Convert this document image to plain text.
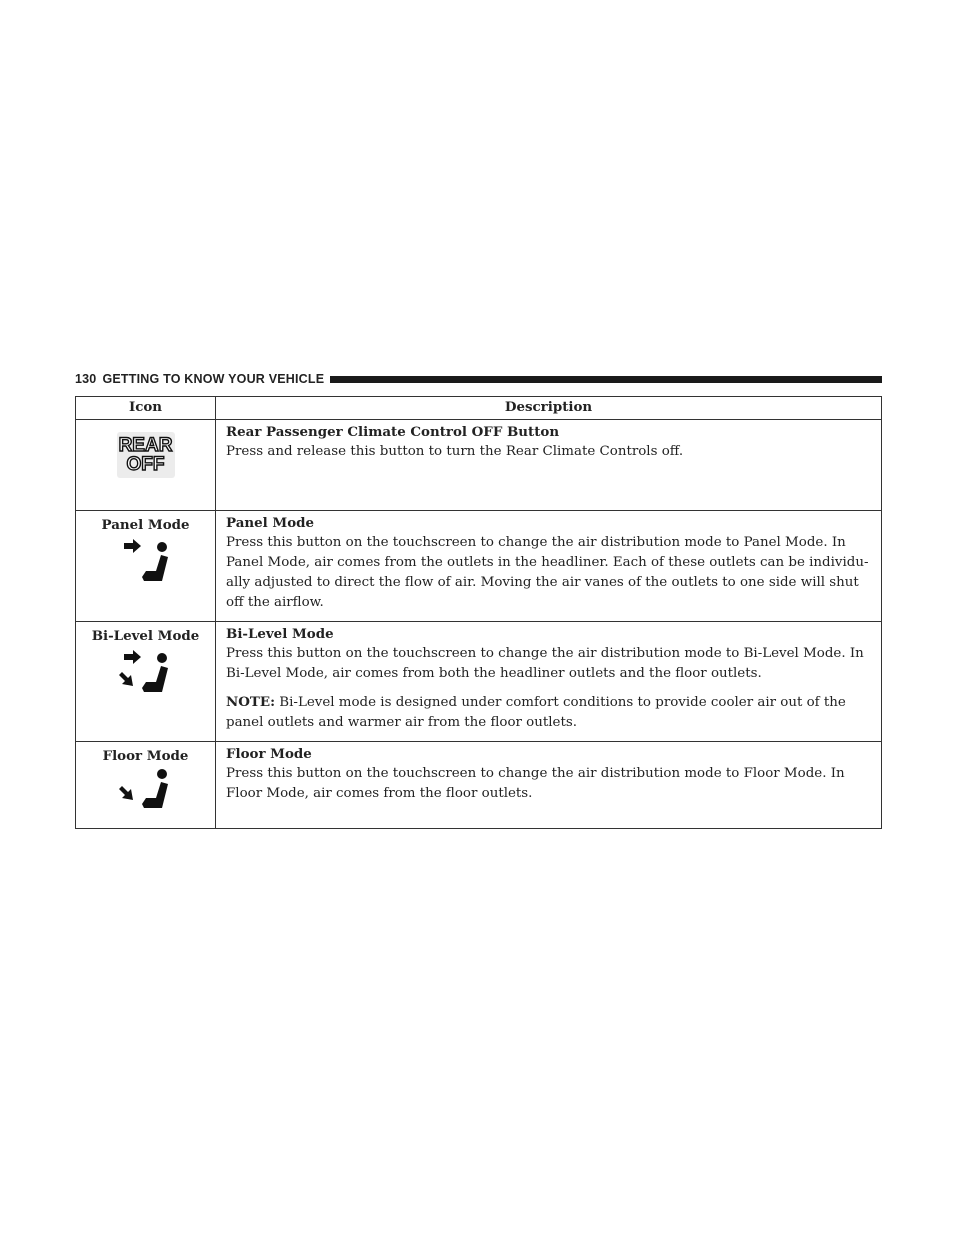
130 GETTING TO KNOW YOUR VEHICLE
Icon	Description

REAR
OFF	Rear Passenger Climate Control OFF Button
Press and release this button to turn the Rear Climate Controls off.

Panel Mode	Panel Mode
Press this button on the touchscreen to change the air distribution mode to Panel Mode. In Panel Mode, air comes from the outlets in the headliner. Each of these outlets can be individu-ally adjusted to direct the flow of air. Moving the air vanes of the outlets to one side will shut off the airflow.

Bi-Level Mode	Bi-Level Mode
Press this button on the touchscreen to change the air distribution mode to Bi-Level Mode. In Bi-Level Mode, air comes from both the headliner outlets and the floor outlets.
NOTE: Bi-Level mode is designed under comfort conditions to provide cooler air out of the panel outlets and warmer air from the floor outlets.

Floor Mode	Floor Mode
Press this button on the touchscreen to change the air distribution mode to Floor Mode. In Floor Mode, air comes from the floor outlets.
